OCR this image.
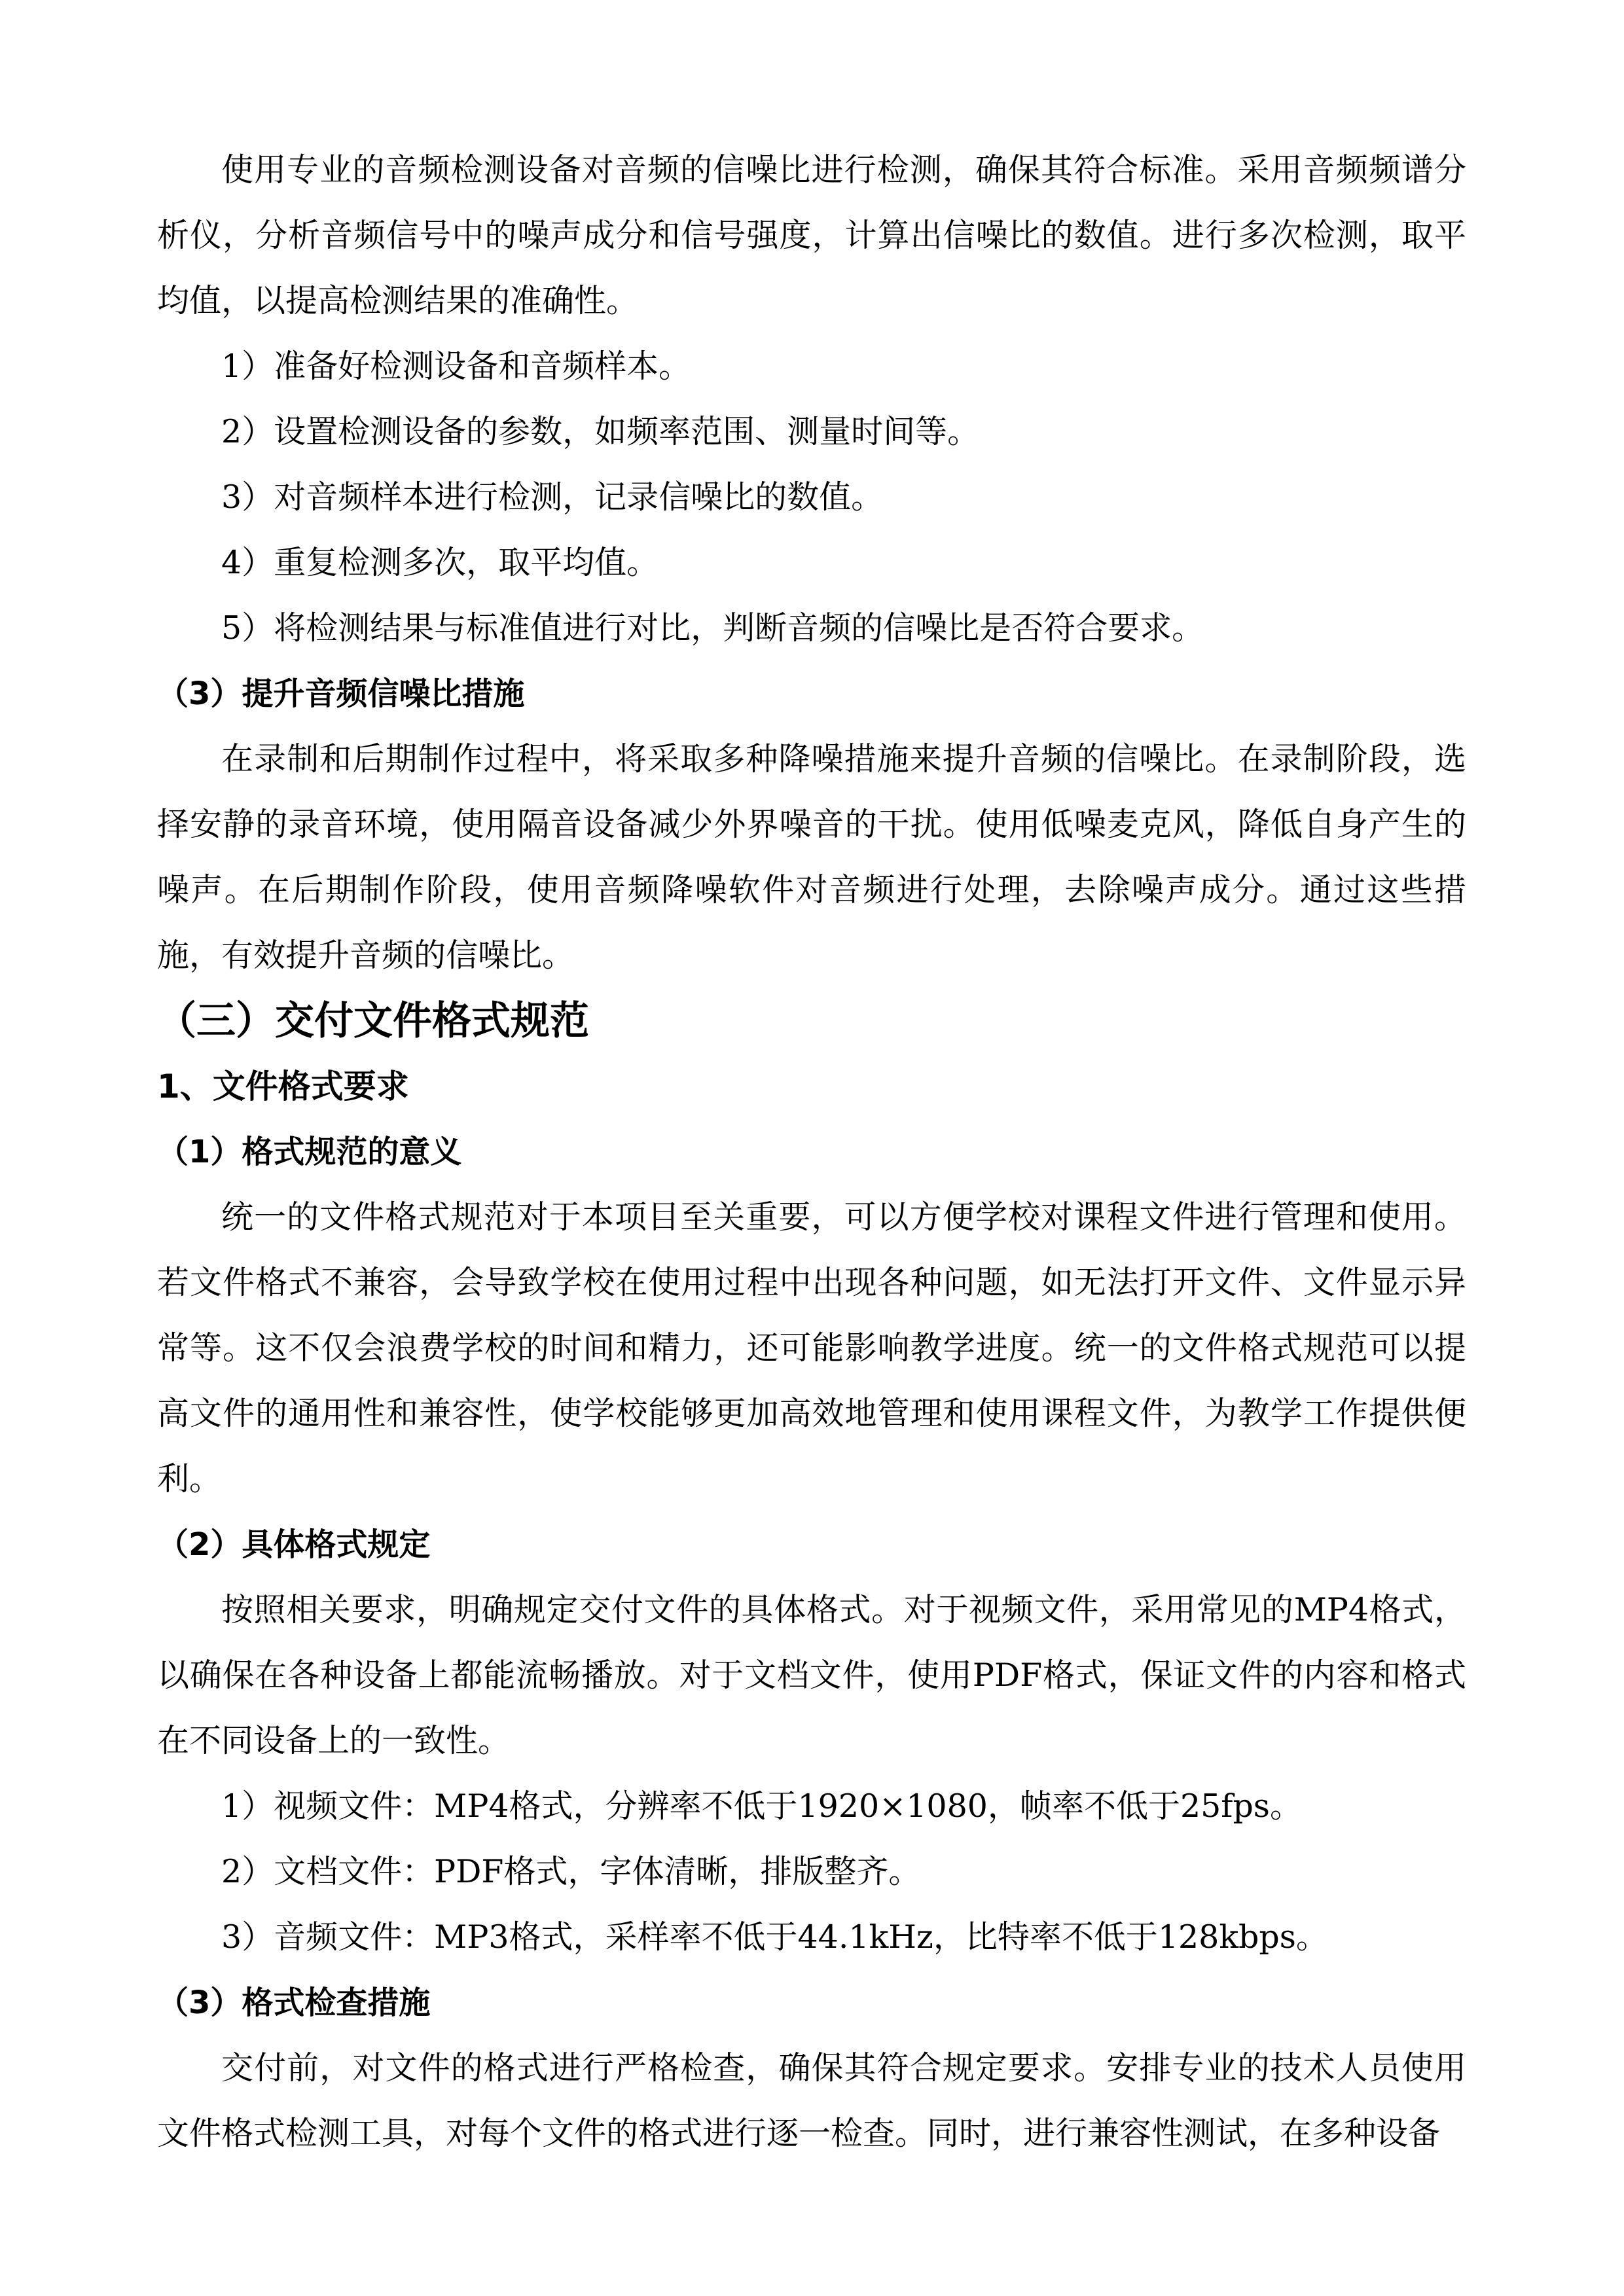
使用专业的音频检测设备对音频的信噪比进行检测，确保其符合标准。采用音频频谱分析仪，分析音频信号中的噪声成分和信号强度，计算出信噪比的数值。进行多次检测，取平均值，以提高检测结果的准确性。

1）准备好检测设备和音频样本。

2）设置检测设备的参数，如频率范围、测量时间等。

3）对音频样本进行检测，记录信噪比的数值。

4）重复检测多次，取平均值。

5）将检测结果与标准值进行对比，判断音频的信噪比是否符合要求。

（3）提升音频信噪比措施

在录制和后期制作过程中，将采取多种降噪措施来提升音频的信噪比。在录制阶段，选择安静的录音环境，使用隔音设备减少外界噪音的干扰。使用低噪麦克风，降低自身产生的噪声。在后期制作阶段，使用音频降噪软件对音频进行处理，去除噪声成分。通过这些措施，有效提升音频的信噪比。

（三）交付文件格式规范

1、文件格式要求

（1）格式规范的意义

统一的文件格式规范对于本项目至关重要，可以方便学校对课程文件进行管理和使用。若文件格式不兼容，会导致学校在使用过程中出现各种问题，如无法打开文件、文件显示异常等。这不仅会浪费学校的时间和精力，还可能影响教学进度。统一的文件格式规范可以提高文件的通用性和兼容性，使学校能够更加高效地管理和使用课程文件，为教学工作提供便利。

（2）具体格式规定

按照相关要求，明确规定交付文件的具体格式。对于视频文件，采用常见的MP4格式，以确保在各种设备上都能流畅播放。对于文档文件，使用PDF格式，保证文件的内容和格式在不同设备上的一致性。

1）视频文件：MP4格式，分辨率不低于1920×1080，帧率不低于25fps。

2）文档文件：PDF格式，字体清晰，排版整齐。

3）音频文件：MP3格式，采样率不低于44.1kHz，比特率不低于128kbps。

（3）格式检查措施

交付前，对文件的格式进行严格检查，确保其符合规定要求。安排专业的技术人员使用文件格式检测工具，对每个文件的格式进行逐一检查。同时，进行兼容性测试，在多种设备
